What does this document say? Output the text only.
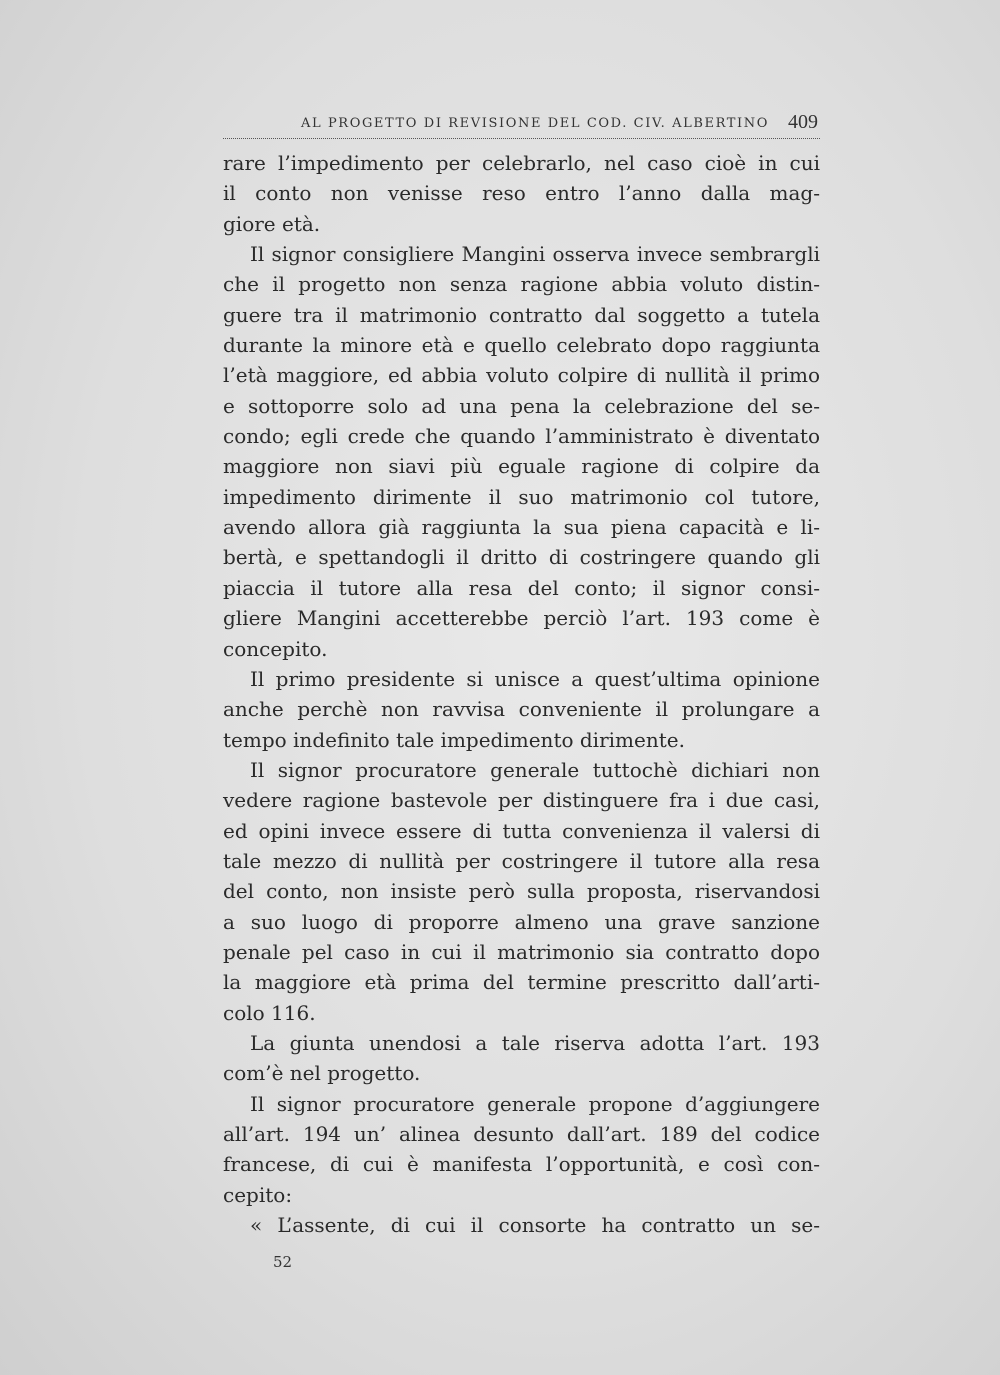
AL PROGETTO DI REVISIONE DEL COD. CIV. ALBERTINO 409
rare l’impedimento per celebrarlo, nel caso cioè in cui
il conto non venisse reso entro l’anno dalla mag-
giore età.
Il signor consigliere Mangini osserva invece sembrargli
che il progetto non senza ragione abbia voluto distin-
guere tra il matrimonio contratto dal soggetto a tutela
durante la minore età e quello celebrato dopo raggiunta
l’età maggiore, ed abbia voluto colpire di nullità il primo
e sottoporre solo ad una pena la celebrazione del se-
condo; egli crede che quando l’amministrato è diventato
maggiore non siavi più eguale ragione di colpire da
impedimento dirimente il suo matrimonio col tutore,
avendo allora già raggiunta la sua piena capacità e li-
bertà, e spettandogli il dritto di costringere quando gli
piaccia il tutore alla resa del conto; il signor consi-
gliere Mangini accetterebbe perciò l’art. 193 come è
concepito.
Il primo presidente si unisce a quest’ultima opinione
anche perchè non ravvisa conveniente il prolungare a
tempo indefinito tale impedimento dirimente.
Il signor procuratore generale tuttochè dichiari non
vedere ragione bastevole per distinguere fra i due casi,
ed opini invece essere di tutta convenienza il valersi di
tale mezzo di nullità per costringere il tutore alla resa
del conto, non insiste però sulla proposta, riservandosi
a suo luogo di proporre almeno una grave sanzione
penale pel caso in cui il matrimonio sia contratto dopo
la maggiore età prima del termine prescritto dall’arti-
colo 116.
La giunta unendosi a tale riserva adotta l’art. 193
com’è nel progetto.
Il signor procuratore generale propone d’aggiungere
all’art. 194 un’ alinea desunto dall’art. 189 del codice
francese, di cui è manifesta l’opportunità, e così con-
cepito:
« L’assente, di cui il consorte ha contratto un se-
52
